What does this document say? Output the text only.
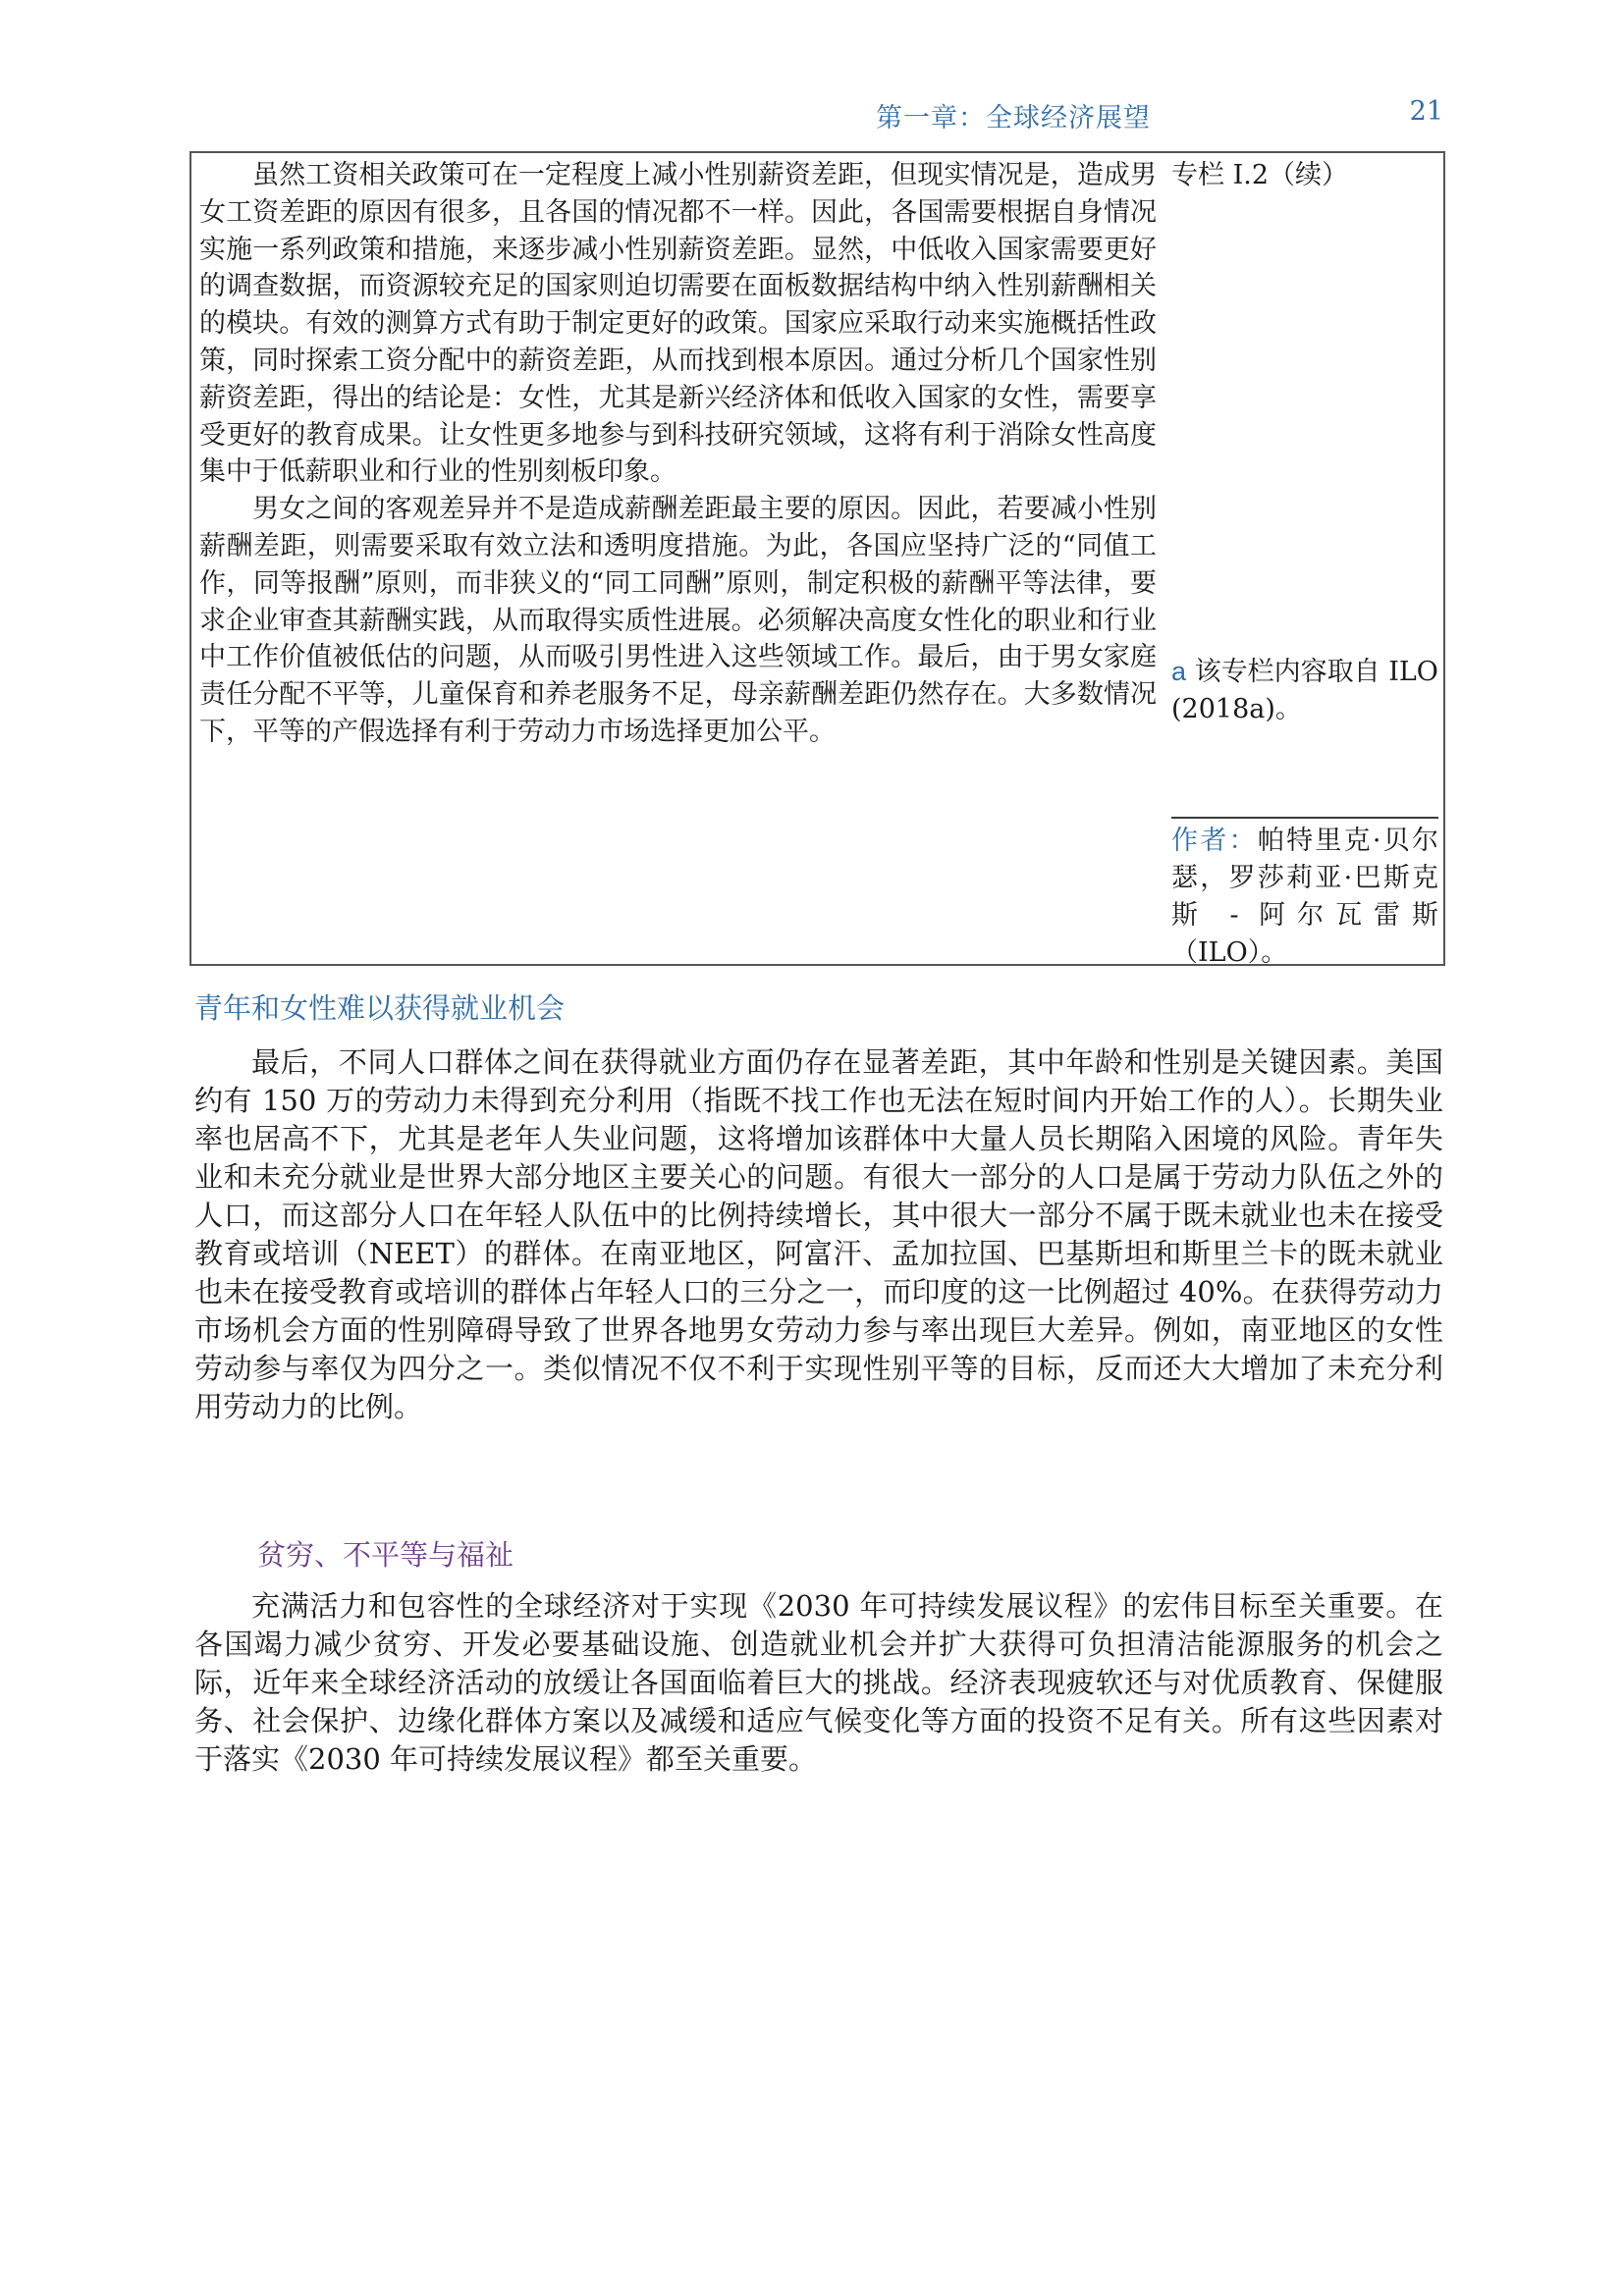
第一章：全球经济展望	21

虽然工资相关政策可在一定程度上减小性别薪资差距，但现实情况是，造成男女工资差距的原因有很多，且各国的情况都不一样。因此，各国需要根据自身情况实施一系列政策和措施，来逐步减小性别薪资差距。显然，中低收入国家需要更好的调查数据，而资源较充足的国家则迫切需要在面板数据结构中纳入性别薪酬相关的模块。有效的测算方式有助于制定更好的政策。国家应采取行动来实施概括性政策，同时探索工资分配中的薪资差距，从而找到根本原因。通过分析几个国家性别薪资差距，得出的结论是：女性，尤其是新兴经济体和低收入国家的女性，需要享受更好的教育成果。让女性更多地参与到科技研究领域，这将有利于消除女性高度集中于低薪职业和行业的性别刻板印象。

男女之间的客观差异并不是造成薪酬差距最主要的原因。因此，若要减小性别薪酬差距，则需要采取有效立法和透明度措施。为此，各国应坚持广泛的“同值工作，同等报酬”原则，而非狭义的“同工同酬”原则，制定积极的薪酬平等法律，要求企业审查其薪酬实践，从而取得实质性进展。必须解决高度女性化的职业和行业中工作价值被低估的问题，从而吸引男性进入这些领域工作。最后，由于男女家庭责任分配不平等，儿童保育和养老服务不足，母亲薪酬差距仍然存在。大多数情况下，平等的产假选择有利于劳动力市场选择更加公平。

专栏 I.2（续）
a 该专栏内容取自 ILO (2018a)。
作者：帕特里克·贝尔瑟，罗莎莉亚·巴斯克斯 - 阿尔瓦雷斯（ILO）。
青年和女性难以获得就业机会

最后，不同人口群体之间在获得就业方面仍存在显著差距，其中年龄和性别是关键因素。美国约有 150 万的劳动力未得到充分利用（指既不找工作也无法在短时间内开始工作的人）。长期失业率也居高不下，尤其是老年人失业问题，这将增加该群体中大量人员长期陷入困境的风险。青年失业和未充分就业是世界大部分地区主要关心的问题。有很大一部分的人口是属于劳动力队伍之外的人口，而这部分人口在年轻人队伍中的比例持续增长，其中很大一部分不属于既未就业也未在接受教育或培训（NEET）的群体。在南亚地区，阿富汗、孟加拉国、巴基斯坦和斯里兰卡的既未就业也未在接受教育或培训的群体占年轻人口的三分之一，而印度的这一比例超过 40%。在获得劳动力市场机会方面的性别障碍导致了世界各地男女劳动力参与率出现巨大差异。例如，南亚地区的女性劳动参与率仅为四分之一。类似情况不仅不利于实现性别平等的目标，反而还大大增加了未充分利用劳动力的比例。

贫穷、不平等与福祉

充满活力和包容性的全球经济对于实现《2030 年可持续发展议程》的宏伟目标至关重要。在各国竭力减少贫穷、开发必要基础设施、创造就业机会并扩大获得可负担清洁能源服务的机会之际，近年来全球经济活动的放缓让各国面临着巨大的挑战。经济表现疲软还与对优质教育、保健服务、社会保护、边缘化群体方案以及减缓和适应气候变化等方面的投资不足有关。所有这些因素对于落实《2030 年可持续发展议程》都至关重要。
